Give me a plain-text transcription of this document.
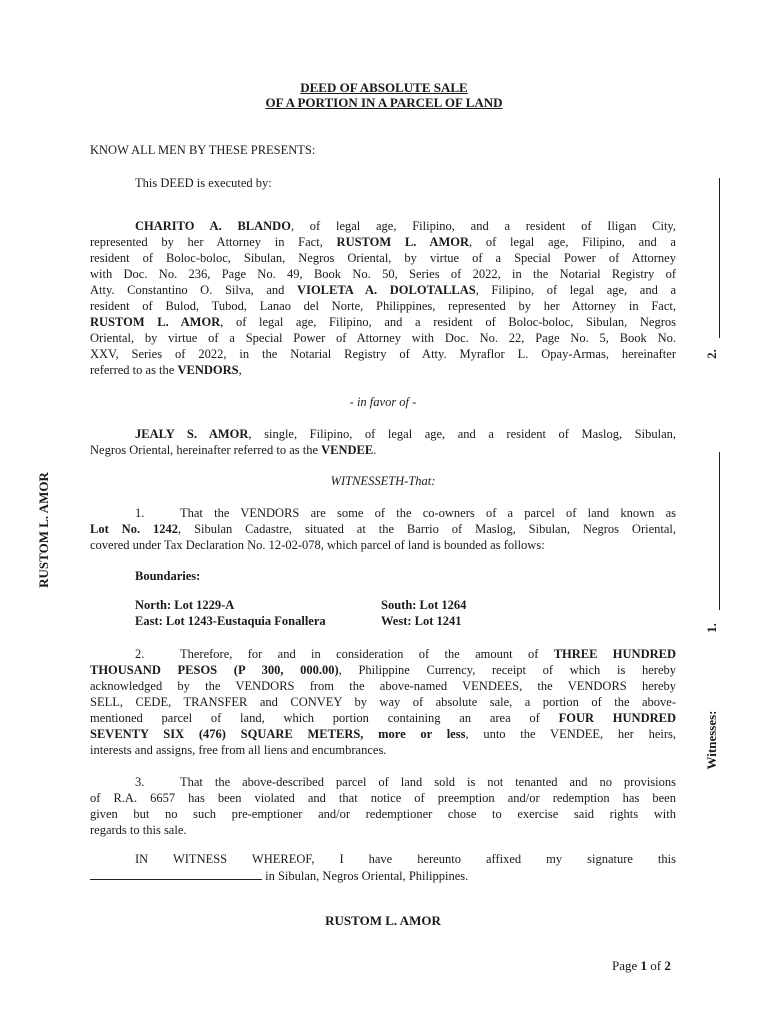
DEED OF ABSOLUTE SALE
OF A PORTION IN A PARCEL OF LAND
KNOW ALL MEN BY THESE PRESENTS:
This DEED is executed by:
CHARITO A. BLANDO, of legal age, Filipino, and a resident of Iligan City,
represented by her Attorney in Fact, RUSTOM L. AMOR, of legal age, Filipino, and a
resident of Boloc-boloc, Sibulan, Negros Oriental, by virtue of a Special Power of Attorney
with Doc. No. 236, Page No. 49, Book No. 50, Series of 2022, in the Notarial Registry of
Atty. Constantino O. Silva, and VIOLETA A. DOLOTALLAS, Filipino, of legal age, and a
resident of Bulod, Tubod, Lanao del Norte, Philippines, represented by her Attorney in Fact,
RUSTOM L. AMOR, of legal age, Filipino, and a resident of Boloc-boloc, Sibulan, Negros
Oriental, by virtue of a Special Power of Attorney with Doc. No. 22, Page No. 5, Book No.
XXV, Series of 2022, in the Notarial Registry of Atty. Myraflor L. Opay-Armas, hereinafter
referred to as the VENDORS,
- in favor of -
JEALY S. AMOR, single, Filipino, of legal age, and a resident of Maslog, Sibulan,
Negros Oriental, hereinafter referred to as the VENDEE.
WITNESSETH-That:
1.	That the VENDORS are some of the co-owners of a parcel of land known as
Lot No. 1242, Sibulan Cadastre, situated at the Barrio of Maslog, Sibulan, Negros Oriental,
covered under Tax Declaration No. 12-02-078, which parcel of land is bounded as follows:
Boundaries:
North: Lot 1229-A	South: Lot 1264
East: Lot 1243-Eustaquia Fonallera	West: Lot 1241
2.	Therefore, for and in consideration of the amount of THREE HUNDRED
THOUSAND PESOS (P 300, 000.00), Philippine Currency, receipt of which is hereby
acknowledged by the VENDORS from the above-named VENDEES, the VENDORS hereby
SELL, CEDE, TRANSFER and CONVEY by way of absolute sale, a portion of the above-
mentioned parcel of land, which portion containing an area of FOUR HUNDRED
SEVENTY SIX (476) SQUARE METERS, more or less, unto the VENDEE, her heirs,
interests and assigns, free from all liens and encumbrances.
3.	That the above-described parcel of land sold is not tenanted and no provisions
of R.A. 6657 has been violated and that notice of preemption and/or redemption has been
given but no such pre-emptioner and/or redemptioner chose to exercise said rights with
regards to this sale.
IN WITNESS WHEREOF, I have hereunto affixed my signature this
in Sibulan, Negros Oriental, Philippines.
RUSTOM L. AMOR
RUSTOM L. AMOR
Witnesses:
1.
2.
Page 1 of 2
